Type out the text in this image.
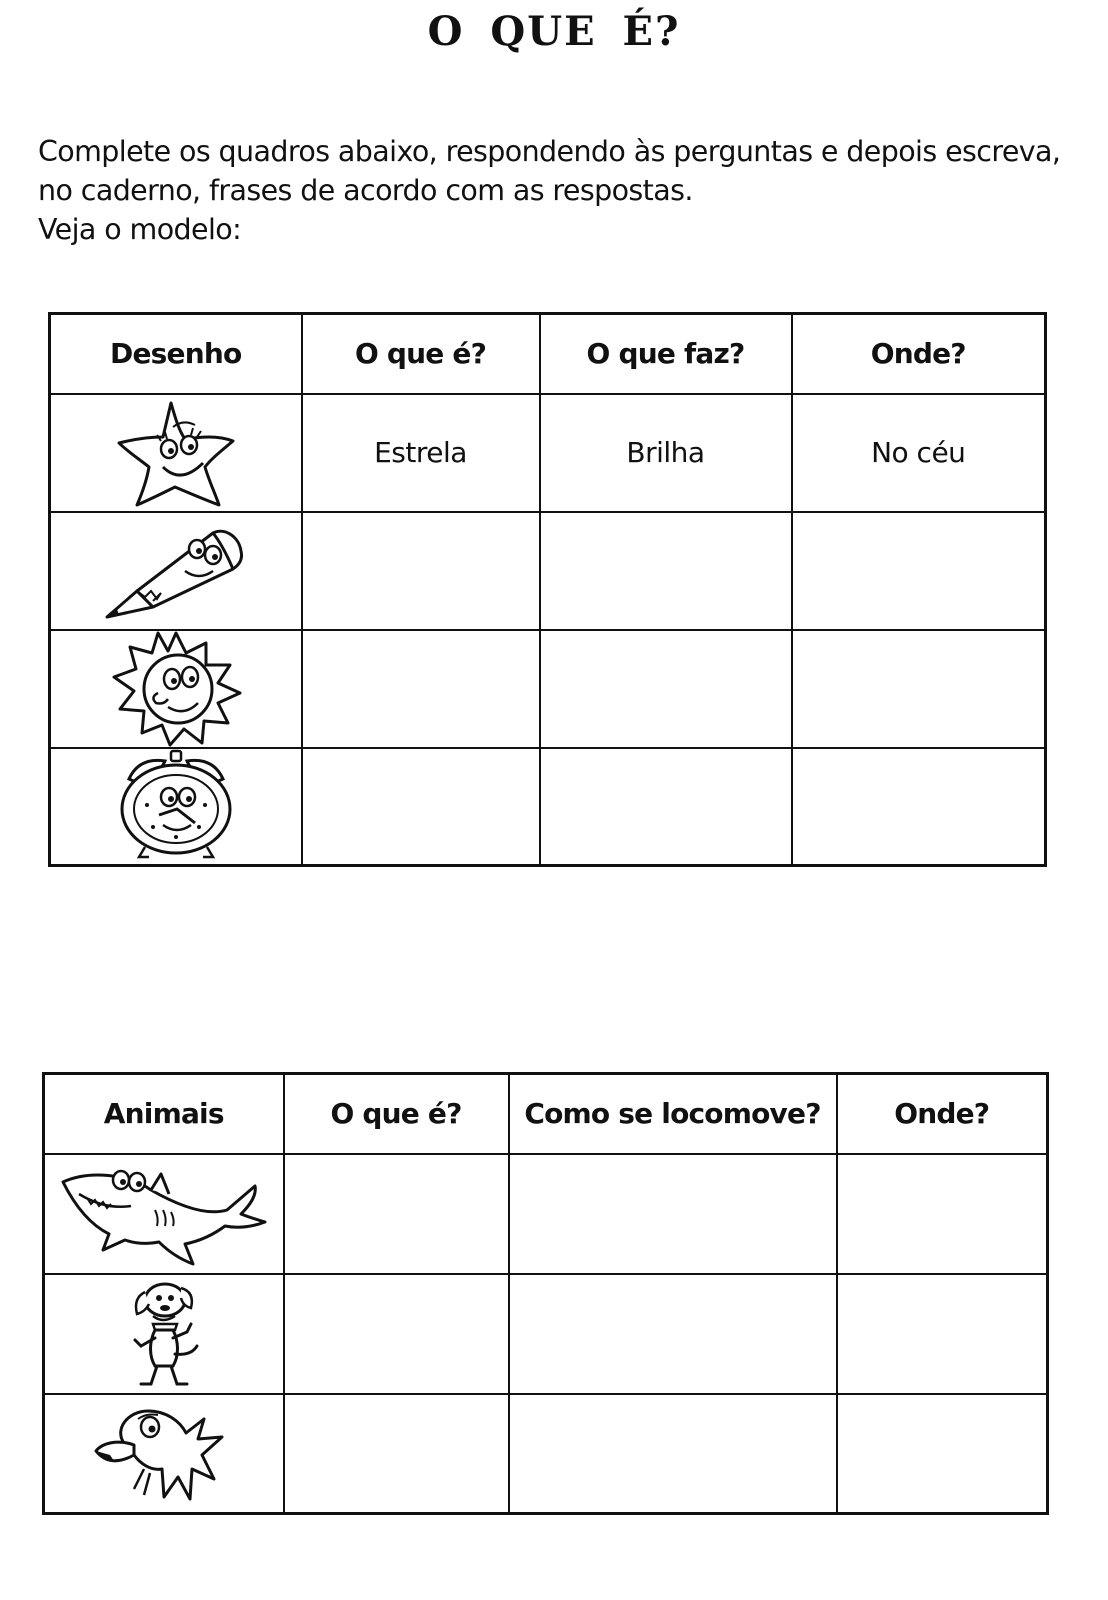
O QUE É?
Complete os quadros abaixo, respondendo às perguntas e depois escreva,
no caderno, frases de acordo com as respostas.
Veja o modelo:
Desenho	O que é?	O que faz?	Onde?

	Estrela	Brilha	No céu

Animais	O que é?	Como se locomove?	Onde?
